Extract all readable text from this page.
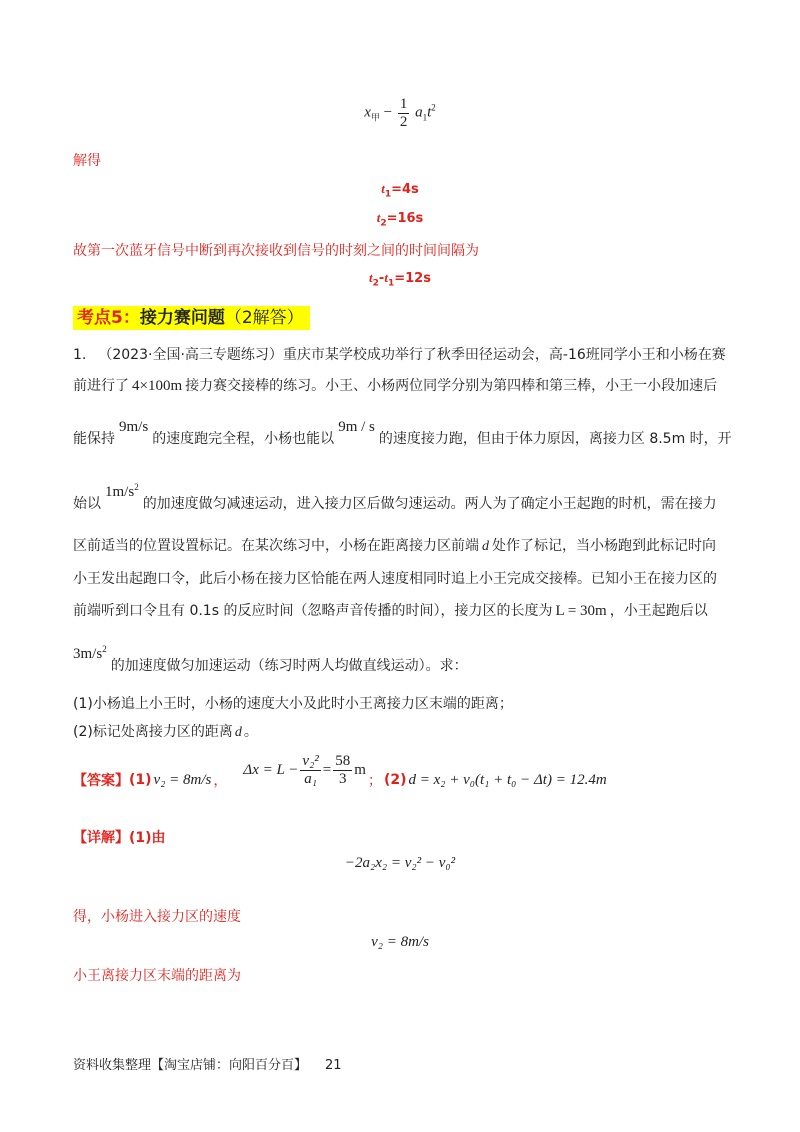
$x_甲 - \frac{1}{2} a_1t^2$
解得
$t_1=4s$
$t_2=16s$
故第一次蓝牙信号中断到再次接收到信号的时刻之间的时间间隔为
$t_2-t_1=12s$
考点5：接力赛问题（2解答）
1. （2023·全国·高三专题练习）重庆市某学校成功举行了秋季田径运动会，高-16班同学小王和小杨在赛
前进行了 4×100m 接力赛交接棒的练习。小王、小杨两位同学分别为第四棒和第三棒，小王一小段加速后
能保持9m/s的速度跑完全程，小杨也能以9m / s的速度接力跑，但由于体力原因，离接力区 8.5m 时，开
始以$1m/s^2$的加速度做匀减速运动，进入接力区后做匀速运动。两人为了确定小王起跑的时机，需在接力
区前适当的位置设置标记。在某次练习中，小杨在距离接力区前端 d 处作了标记，当小杨跑到此标记时向
小王发出起跑口令，此后小杨在接力区恰能在两人速度相同时追上小王完成交接棒。已知小王在接力区的
前端听到口令且有 0.1s 的反应时间（忽略声音传播的时间），接力区的长度为 L = 30m ，小王起跑后以
$3m/s^2$的加速度做匀加速运动（练习时两人均做直线运动）。求：
(1)小杨追上小王时，小杨的速度大小及此时小王离接力区末端的距离；
(2)标记处离接力区的距离 d 。
【答案】 (1) v₂ = 8m/s ，
$\Delta x = L - \frac{\text{v₂²}}{\text{a₁}} = \frac{58}{3}$ m
； (2) d = x₂ + v₀(t₁ + t₀ − Δt) = 12.4m
【详解】(1)由
−2a₂x₂ = v₂² − v₀²
得，小杨进入接力区的速度
v₂ = 8m/s
小王离接力区末端的距离为
资料收集整理【淘宝店铺：向阳百分百】 21
